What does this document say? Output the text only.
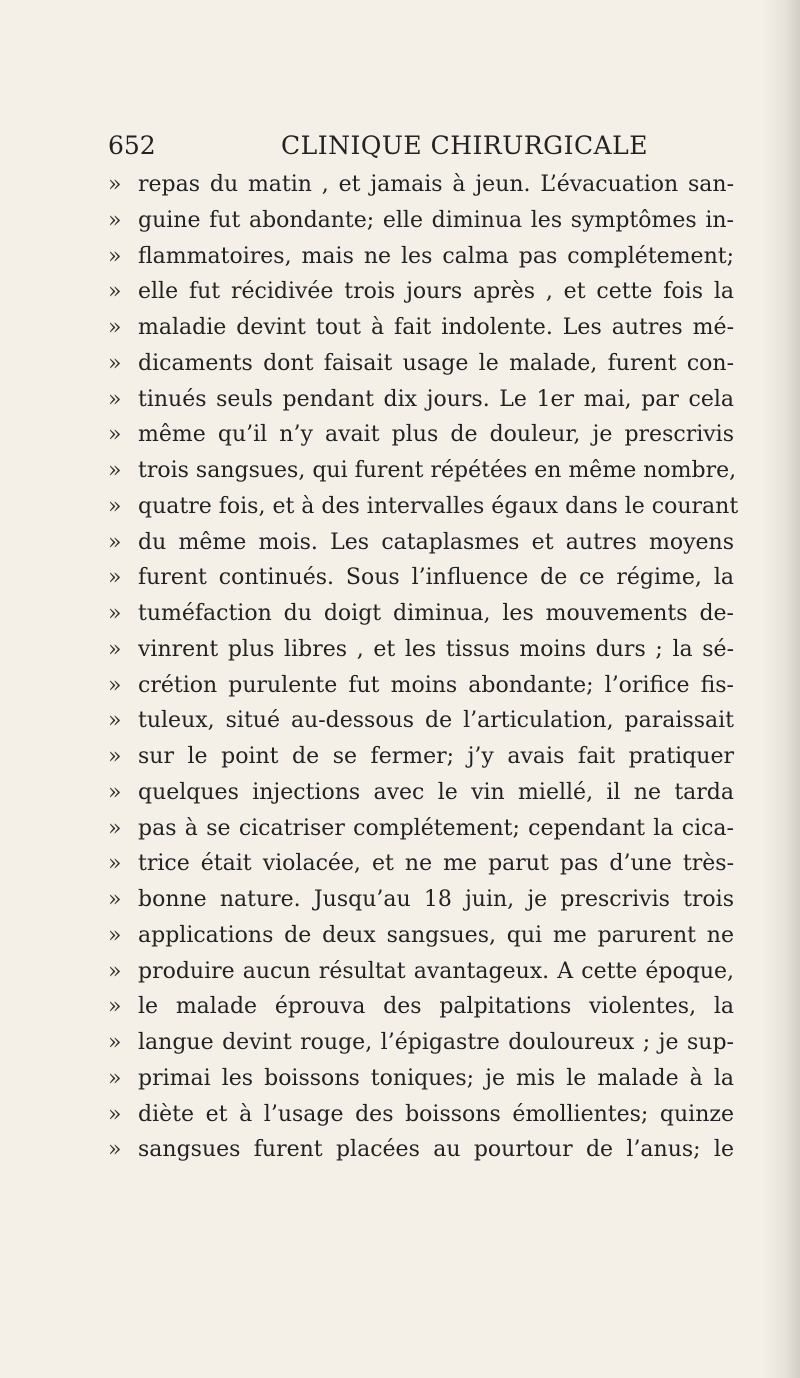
652	CLINIQUE CHIRURGICALE
» repas du matin , et jamais à jeun. L’évacuation san-
» guine fut abondante; elle diminua les symptômes in-
» flammatoires, mais ne les calma pas complétement;
» elle fut récidivée trois jours après , et cette fois la
» maladie devint tout à fait indolente. Les autres mé-
» dicaments dont faisait usage le malade, furent con-
» tinués seuls pendant dix jours. Le 1er mai, par cela
» même qu’il n’y avait plus de douleur, je prescrivis
» trois sangsues, qui furent répétées en même nombre,
» quatre fois, et à des intervalles égaux dans le courant
» du même mois. Les cataplasmes et autres moyens
» furent continués. Sous l’influence de ce régime, la
» tuméfaction du doigt diminua, les mouvements de-
» vinrent plus libres , et les tissus moins durs ; la sé-
» crétion purulente fut moins abondante; l’orifice fis-
» tuleux, situé au-dessous de l’articulation, paraissait
» sur le point de se fermer; j’y avais fait pratiquer
» quelques injections avec le vin miellé, il ne tarda
» pas à se cicatriser complétement; cependant la cica-
» trice était violacée, et ne me parut pas d’une très-
» bonne nature. Jusqu’au 18 juin, je prescrivis trois
» applications de deux sangsues, qui me parurent ne
» produire aucun résultat avantageux. A cette époque,
» le malade éprouva des palpitations violentes, la
» langue devint rouge, l’épigastre douloureux ; je sup-
» primai les boissons toniques; je mis le malade à la
» diète et à l’usage des boissons émollientes; quinze
» sangsues furent placées au pourtour de l’anus; le
